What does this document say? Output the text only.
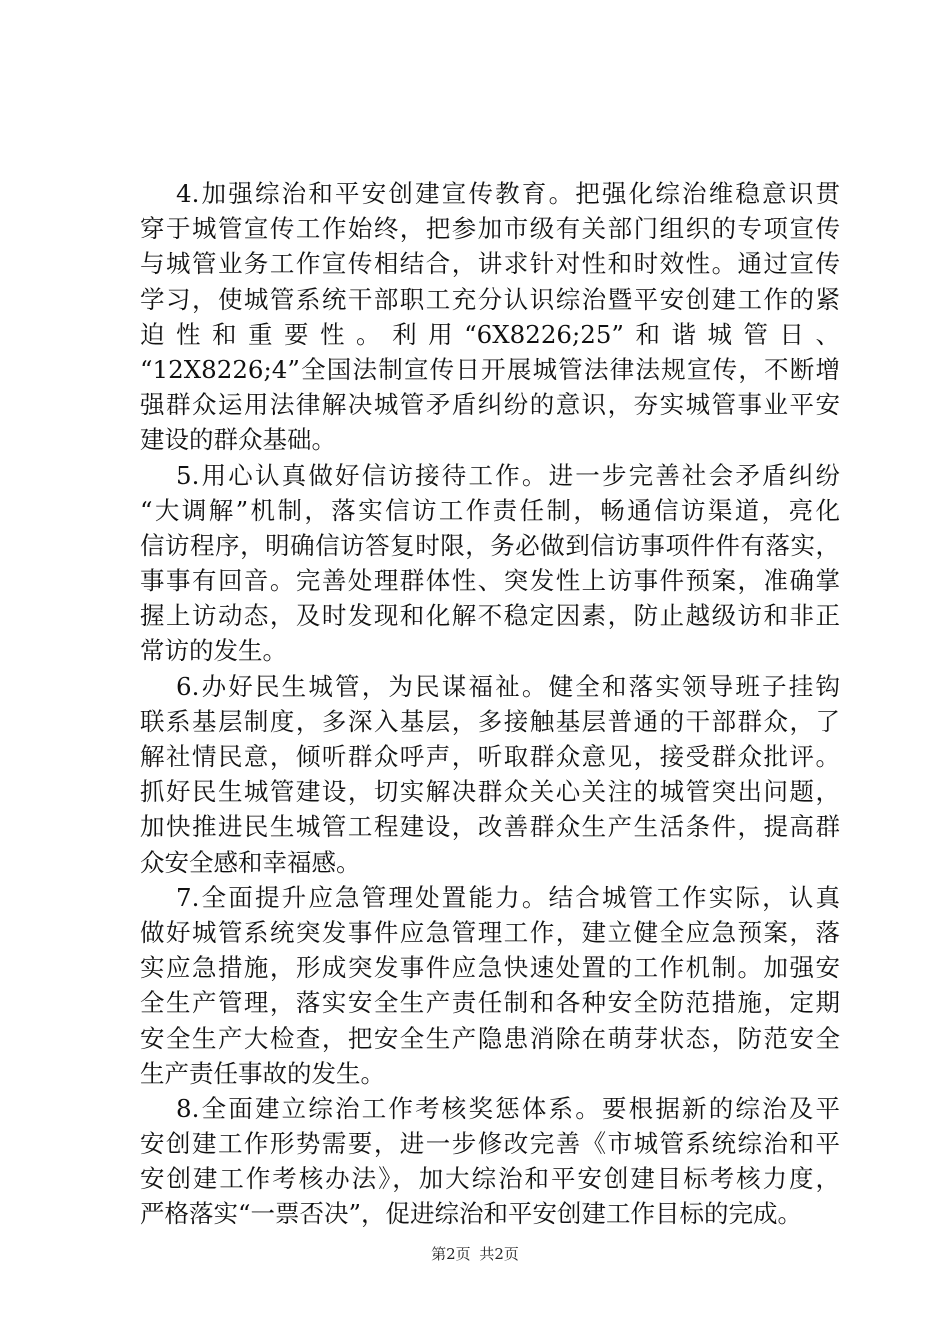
4.加强综治和平安创建宣传教育。把强化综治维稳意识贯
穿于城管宣传工作始终，把参加市级有关部门组织的专项宣传
与城管业务工作宣传相结合，讲求针对性和时效性。通过宣传
学习，使城管系统干部职工充分认识综治暨平安创建工作的紧
迫性和重要性。利用“6X8226;25”和谐城管日、
“12X8226;4”全国法制宣传日开展城管法律法规宣传，不断增
强群众运用法律解决城管矛盾纠纷的意识，夯实城管事业平安
建设的群众基础。
5.用心认真做好信访接待工作。进一步完善社会矛盾纠纷
“大调解”机制，落实信访工作责任制，畅通信访渠道，亮化
信访程序，明确信访答复时限，务必做到信访事项件件有落实，
事事有回音。完善处理群体性、突发性上访事件预案，准确掌
握上访动态，及时发现和化解不稳定因素，防止越级访和非正
常访的发生。
6.办好民生城管，为民谋福祉。健全和落实领导班子挂钩
联系基层制度，多深入基层，多接触基层普通的干部群众，了
解社情民意，倾听群众呼声，听取群众意见，接受群众批评。
抓好民生城管建设，切实解决群众关心关注的城管突出问题，
加快推进民生城管工程建设，改善群众生产生活条件，提高群
众安全感和幸福感。
7.全面提升应急管理处置能力。结合城管工作实际，认真
做好城管系统突发事件应急管理工作，建立健全应急预案，落
实应急措施，形成突发事件应急快速处置的工作机制。加强安
全生产管理，落实安全生产责任制和各种安全防范措施，定期
安全生产大检查，把安全生产隐患消除在萌芽状态，防范安全
生产责任事故的发生。
8.全面建立综治工作考核奖惩体系。要根据新的综治及平
安创建工作形势需要，进一步修改完善《市城管系统综治和平
安创建工作考核办法》，加大综治和平安创建目标考核力度，
严格落实“一票否决”，促进综治和平安创建工作目标的完成。
第2页 共2页
